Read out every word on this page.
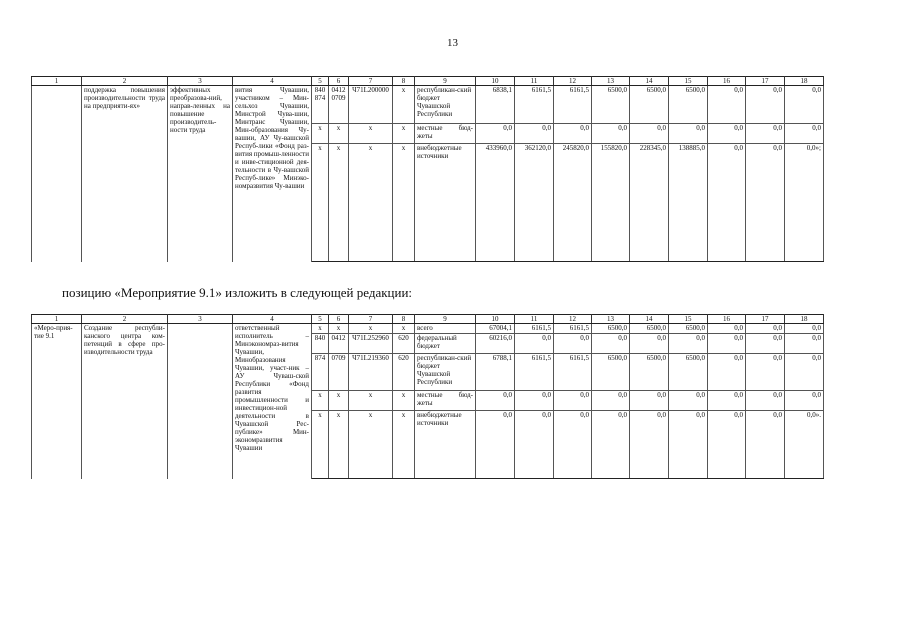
13
1	2	3	4	5	6	7	8	9	10	11	12	13	14	15	16	17	18
	поддержка повышения производительности труда на предприяти-ях»	эффективных преобразова-ний, направ-ленных на повышение производитель-ности труда	вития Чувашии, участником – Мин-сельхоз Чувашии, Минстрой Чува-шии, Минтранс Чувашии, Мин-образования Чу-вашии, АУ Чу-вашской Респуб-лики «Фонд раз-вития промыш-ленности и инве-стиционной дея-тельности в Чу-вашской Респуб-лике» Минэко-номразвития Чу-вашии	840 874	0412 0709	Ч71L200000	х	республикан-ский бюджет Чувашской Республики	6838,1	6161,5	6161,5	6500,0	6500,0	6500,0	0,0	0,0	0,0
				х	х	х	х	местные бюд-жеты	0,0	0,0	0,0	0,0	0,0	0,0	0,0	0,0	0,0
				х	х	х	х	внебюджетные источники	433960,0	362120,0	245820,0	155820,0	228345,0	138885,0	0,0	0,0	0,0»;
позицию «Мероприятие 9.1» изложить в следующей редакции:
1	2	3	4	5	6	7	8	9	10	11	12	13	14	15	16	17	18
«Меро-прия-тие 9.1	Создание республи-канского центра ком-петенций в сфере про-изводительности труда		ответственный исполнитель – Минэкономраз-вития Чувашии, Минобразования Чувашии, участ-ник – АУ Чуваш-ской Республики «Фонд развития промышленности и инвестицион-ной деятельности в Чувашской Рес-публике» Мин-экономразвития Чувашии	х	х	х	х	всего	67004,1	6161,5	6161,5	6500,0	6500,0	6500,0	0,0	0,0	0,0
				840	0412	Ч71L252960	620	федеральный бюджет	60216,0	0,0	0,0	0,0	0,0	0,0	0,0	0,0	0,0
				874	0709	Ч71L219360	620	республикан-ский бюджет Чувашской Республики	6788,1	6161,5	6161,5	6500,0	6500,0	6500,0	0,0	0,0	0,0
				х	х	х	х	местные бюд-жеты	0,0	0,0	0,0	0,0	0,0	0,0	0,0	0,0	0,0
				х	х	х	х	внебюджетные источники	0,0	0,0	0,0	0,0	0,0	0,0	0,0	0,0	0,0».
